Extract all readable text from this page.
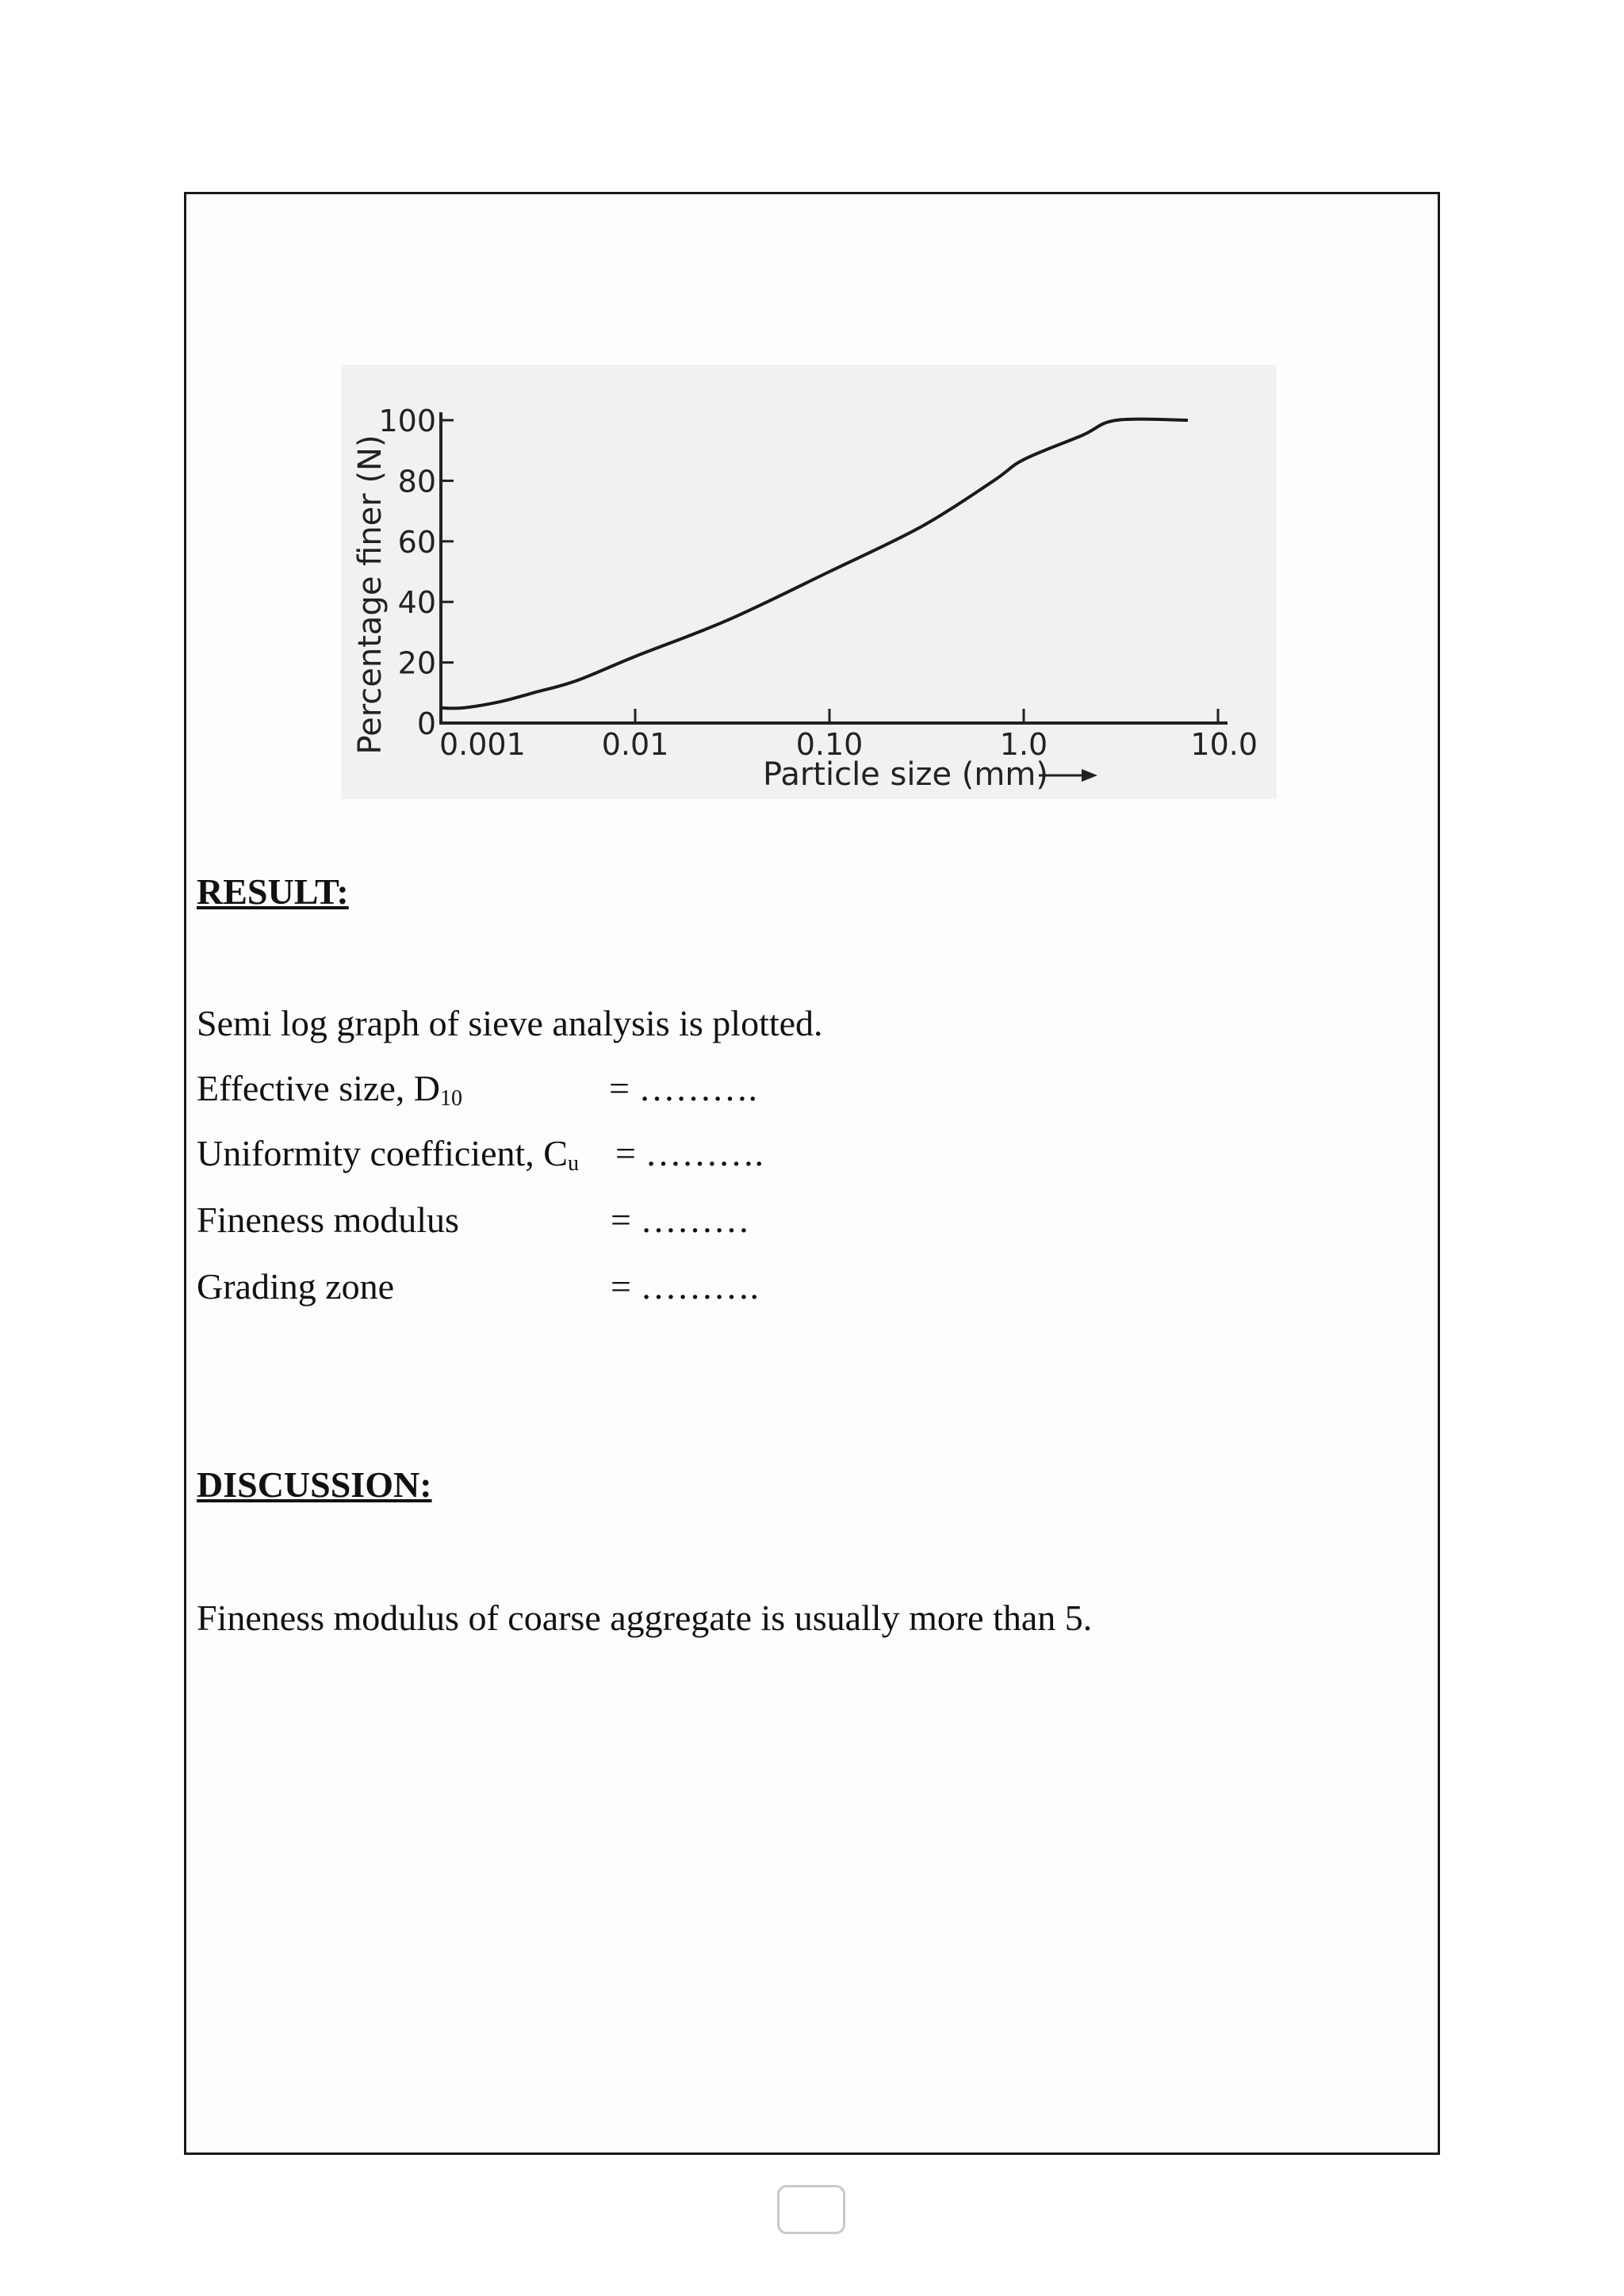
Percentage finer (N)
Particle size (mm)
0
20
40
60
80
100
0.001	0.01	0.10	1.0	10.0
RESULT:

Semi log graph of sieve analysis is plotted.

Effective size, $D_{10}$	= ……….
Uniformity coefficient, $C_u$ = ……….
Fineness modulus	= ………
Grading zone	= ……….
DISCUSSION:

Fineness modulus of coarse aggregate is usually more than 5.
